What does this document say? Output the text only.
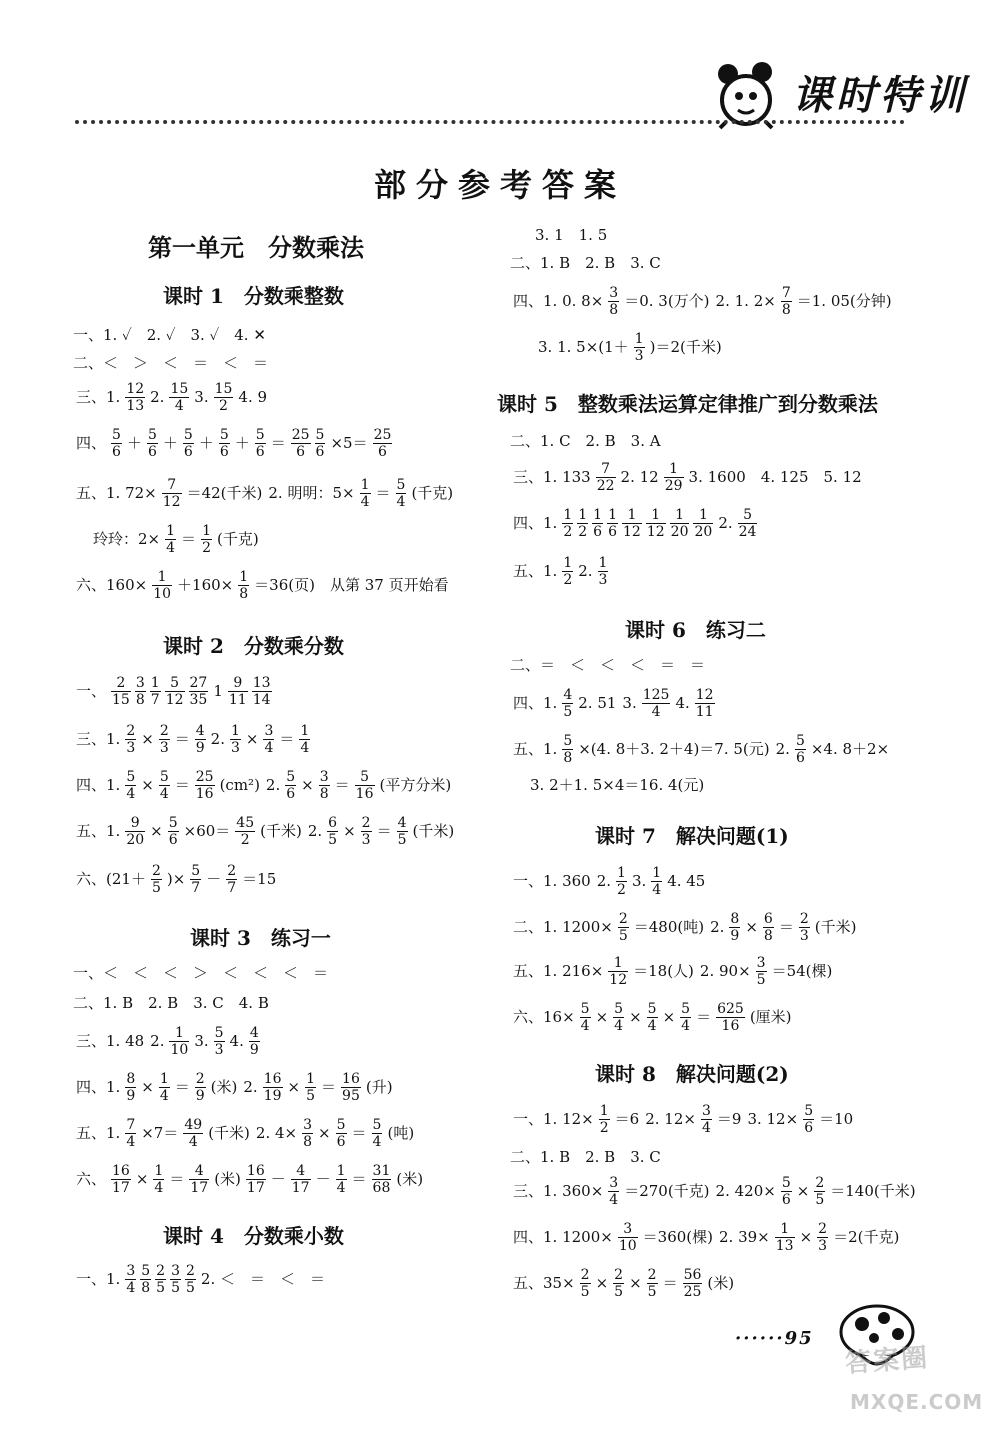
课时特训
部分参考答案
第一单元　分数乘法
课时 1　分数乘整数
一、1. ✓　2. ✓　3. ✓　4. ✕
二、＜　＞　＜　＝　＜　＝
三、1. $\frac{12}{13} 2$. $\frac{15}{4} 3$. $\frac{15}{2} 4$. 9
四、 $\frac{5}{6} + \frac{5}{6} + \frac{5}{6} + \frac{5}{6} + \frac{5}{6} = \frac{25}{6} \frac{5}{6} \times 5= \frac{25}{6}$
五、1. $72\times \frac{7}{12} =42$(千米) 2. 明明：$5\times \frac{1}{4} = \frac{5}{4}$ (千克)
玲玲：$2\times \frac{1}{4} = \frac{1}{2}$ (千克)
六、$160\times \frac{1}{10} +160\times \frac{1}{8} =36$(页)　从第 37 页开始看
课时 2　分数乘分数
一、 $\frac{2}{15} \frac{3}{8} \frac{1}{7} \frac{5}{12} \frac{27}{35} 1 \frac{9}{11} \frac{13}{14}$
三、1. $\frac{2}{3} \times \frac{2}{3} = \frac{4}{9} 2$. $\frac{1}{3} \times \frac{3}{4} = \frac{1}{4}$
四、1. $\frac{5}{4} \times \frac{5}{4} = \frac{25}{16} (cm^2)$ 2. $\frac{5}{6} \times \frac{3}{8} = \frac{5}{16}$ (平方分米)
五、1. $\frac{9}{20} \times \frac{5}{6} \times 60= \frac{45}{2}$ (千米) 2. $\frac{6}{5} \times \frac{2}{3} = \frac{4}{5}$ (千米)
六、($21+ \frac{2}{5}$ )× $\frac{5}{7} - \frac{2}{7} =15$
课时 3　练习一
一、＜　＜　＜　＞　＜　＜　＜　＝
二、1. B　2. B　3. C　4. B
三、1. 48 2. $\frac{1}{10} 3$. $\frac{5}{3} 4$. $\frac{4}{9}$
四、1. $\frac{8}{9} \times \frac{1}{4} = \frac{2}{9}$ (米) 2. $\frac{16}{19} \times \frac{1}{5} = \frac{16}{95}$ (升)
五、1. $\frac{7}{4} \times 7= \frac{49}{4}$ (千米) 2. $4\times \frac{3}{8} \times \frac{5}{6} = \frac{5}{4}$ (吨)
六、 $\frac{16}{17} \times \frac{1}{4} = \frac{4}{17}$ (米) $\frac{16}{17} - \frac{4}{17} - \frac{1}{4} = \frac{31}{68}$ (米)
课时 4　分数乘小数
一、1. $\frac{3}{4} \frac{5}{8} \frac{2}{5} \frac{3}{5} \frac{2}{5} 2$. ＜　＝　＜　＝
3. 1　1. 5
二、1. B　2. B　3. C
四、1. 0. $8\times \frac{3}{8} =0$. 3(万个) 2. 1. $2\times \frac{7}{8} =1$. 05(分钟)
3. 1. $5\times(1+ \frac{1}{3} )=2$(千米)
课时 5　整数乘法运算定律推广到分数乘法
二、1. C　2. B　3. A
三、1. $133 \frac{7}{22} 2$. $12 \frac{1}{29} 3$. 1600　4. 125　5. 12
四、1. $\frac{1}{2} \frac{1}{2} \frac{1}{6} \frac{1}{6} \frac{1}{12} \frac{1}{12} \frac{1}{20} \frac{1}{20} 2$. $\frac{5}{24}$
五、1. $\frac{1}{2} 2$. $\frac{1}{3}$
课时 6　练习二
二、＝　＜　＜　＜　＝　＝
四、1. $\frac{4}{5} 2$. 51 3. $\frac{125}{4} 4$. $\frac{12}{11}$
五、1. $\frac{5}{8} \times(4$. 8＋3. 2＋4)＝7. 5(元) 2. $\frac{5}{6} \times 4$. 8＋2×
3. 2＋1. 5×4＝16. 4(元)
课时 7　解决问题(1)
一、1. 360 2. $\frac{1}{2} 3$. $\frac{1}{4} 4$. 45
二、1. $1200\times \frac{2}{5} =480$(吨) 2. $\frac{8}{9} \times \frac{6}{8} = \frac{2}{3}$ (千米)
五、1. $216\times \frac{1}{12} =18$(人) 2. $90\times \frac{3}{5} =54$(棵)
六、$16\times \frac{5}{4} \times \frac{5}{4} \times \frac{5}{4} \times \frac{5}{4} = \frac{625}{16}$ (厘米)
课时 8　解决问题(2)
一、1. $12\times \frac{1}{2} =6$ 2. $12\times \frac{3}{4} =9$ 3. $12\times \frac{5}{6} =10$
二、1. B　2. B　3. C
三、1. $360\times \frac{3}{4} =270$(千克) 2. $420\times \frac{5}{6} \times \frac{2}{5} =140$(千米)
四、1. $1200\times \frac{3}{10} =360$(棵) 2. $39\times \frac{1}{13} \times \frac{2}{3} =2$(千克)
五、$35\times \frac{2}{5} \times \frac{2}{5} \times \frac{2}{5} = \frac{56}{25}$ (米)
······95
答案圈
MXQE.COM
